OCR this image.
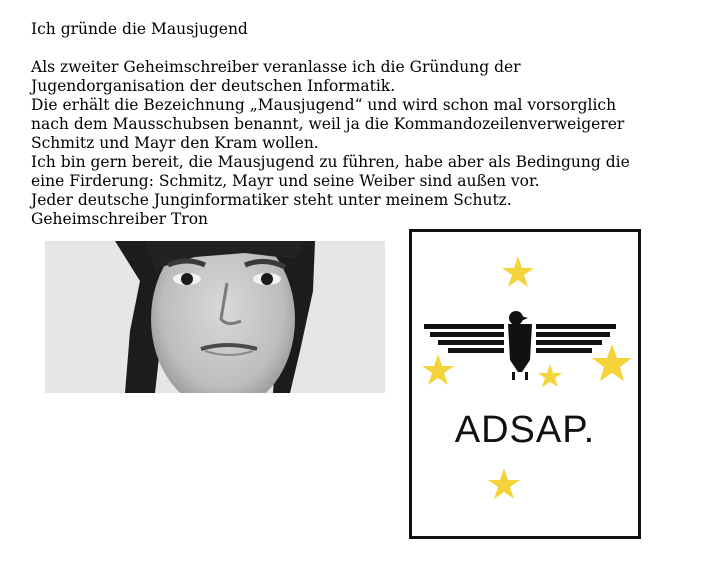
Ich gründe die Mausjugend
Als zweiter Geheimschreiber veranlasse ich die Gründung der
Jugendorganisation der deutschen Informatik.
Die erhält die Bezeichnung „Mausjugend“ und wird schon mal vorsorglich
nach dem Mausschubsen benannt, weil ja die Kommandozeilenverweigerer
Schmitz und Mayr den Kram wollen.
Ich bin gern bereit, die Mausjugend zu führen, habe aber als Bedingung die
eine Firderung: Schmitz, Mayr und seine Weiber sind außen vor.
Jeder deutsche Junginformatiker steht unter meinem Schutz.
Geheimschreiber Tron
ADSAP.
